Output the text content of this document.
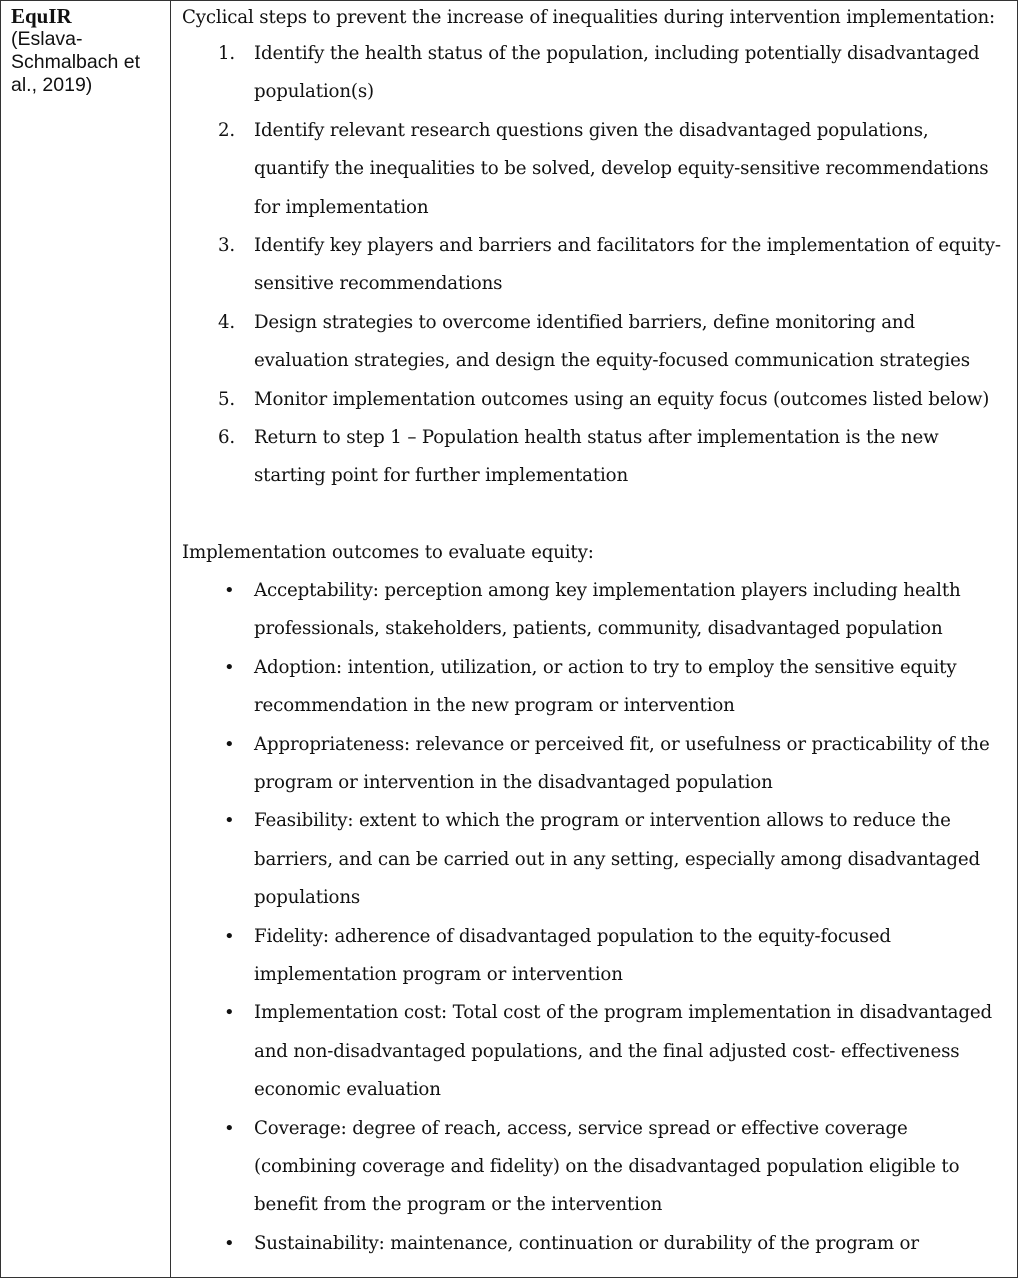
EquIR
(Eslava-Schmalbach et al., 2019)

Cyclical steps to prevent the increase of inequalities during intervention implementation:

1. Identify the health status of the population, including potentially disadvantaged population(s)
2. Identify relevant research questions given the disadvantaged populations, quantify the inequalities to be solved, develop equity-sensitive recommendations for implementation
3. Identify key players and barriers and facilitators for the implementation of equity-sensitive recommendations
4. Design strategies to overcome identified barriers, define monitoring and evaluation strategies, and design the equity-focused communication strategies
5. Monitor implementation outcomes using an equity focus (outcomes listed below)
6. Return to step 1 – Population health status after implementation is the new starting point for further implementation

Implementation outcomes to evaluate equity:

• Acceptability: perception among key implementation players including health professionals, stakeholders, patients, community, disadvantaged population
• Adoption: intention, utilization, or action to try to employ the sensitive equity recommendation in the new program or intervention
• Appropriateness: relevance or perceived fit, or usefulness or practicability of the program or intervention in the disadvantaged population
• Feasibility: extent to which the program or intervention allows to reduce the barriers, and can be carried out in any setting, especially among disadvantaged populations
• Fidelity: adherence of disadvantaged population to the equity-focused implementation program or intervention
• Implementation cost: Total cost of the program implementation in disadvantaged and non-disadvantaged populations, and the final adjusted cost- effectiveness economic evaluation
• Coverage: degree of reach, access, service spread or effective coverage (combining coverage and fidelity) on the disadvantaged population eligible to benefit from the program or the intervention
• Sustainability: maintenance, continuation or durability of the program or
